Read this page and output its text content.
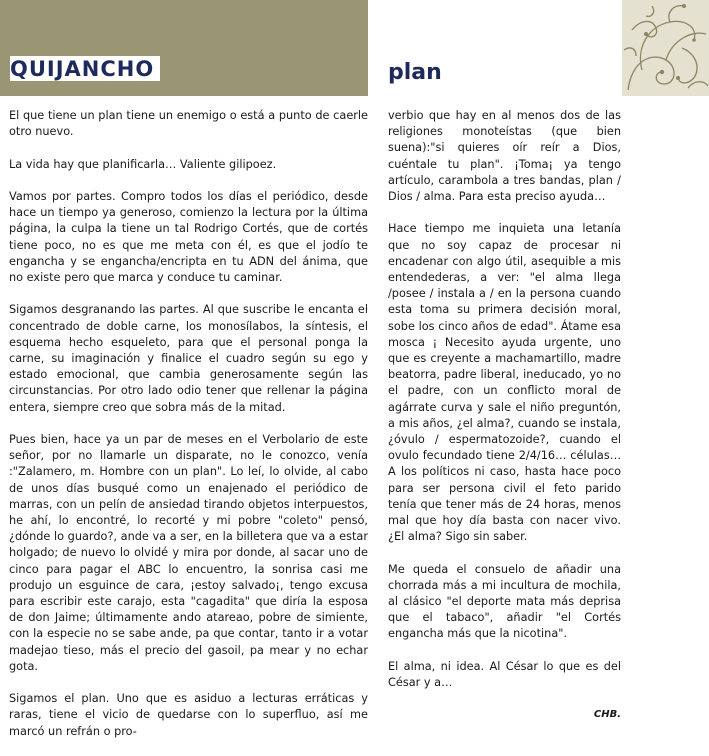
QUIJANCHO	plan

El que tiene un plan tiene un enemigo o está a punto de caerle otro nuevo.

La vida hay que planificarla… Valiente gilipoez.

Vamos por partes. Compro todos los días el periódico, desde hace un tiempo ya generoso, comienzo la lectura por la última página, la culpa la tiene un tal Rodrigo Cortés, que de cortés tiene poco, no es que me meta con él, es que el jodío te engancha y se engancha/encripta en tu ADN del ánima, que no existe pero que marca y conduce tu caminar.

Sigamos desgranando las partes. Al que suscribe le encanta el concentrado de doble carne, los monosílabos, la síntesis, el esquema hecho esqueleto, para que el personal ponga la carne, su imaginación y finalice el cuadro según su ego y estado emocional, que cambia generosamente según las circunstancias. Por otro lado odio tener que rellenar la página entera, siempre creo que sobra más de la mitad.

Pues bien, hace ya un par de meses en el Verbolario de este señor, por no llamarle un disparate, no le conozco, venía :"Zalamero, m. Hombre con un plan". Lo leí, lo olvide, al cabo de unos días busqué como un enajenado el periódico de marras, con un pelín de ansiedad tirando objetos interpuestos, he ahí, lo encontré, lo recorté y mi pobre "coleto" pensó, ¿dónde lo guardo?, ande va a ser, en la billetera que va a estar holgado; de nuevo lo olvidé y mira por donde, al sacar uno de cinco para pagar el ABC lo encuentro, la sonrisa casi me produjo un esguince de cara, ¡estoy salvado¡, tengo excusa para escribir este carajo, esta "cagadita" que diría la esposa de don Jaime; últimamente ando atareao, pobre de simiente, con la especie no se sabe ande, pa que contar, tanto ir a votar madejao tieso, más el precio del gasoil, pa mear y no echar gota.

Sigamos el plan. Uno que es asiduo a lecturas erráticas y raras, tiene el vicio de quedarse con lo superfluo, así me marcó un refrán o pro-

verbio que hay en al menos dos de las religiones monoteístas (que bien suena):"si quieres oír reír a Dios, cuéntale tu plan". ¡Toma¡ ya tengo artículo, carambola a tres bandas, plan / Dios / alma. Para esta preciso ayuda…

Hace tiempo me inquieta una letanía que no soy capaz de procesar ni encadenar con algo útil, asequible a mis entendederas, a ver: "el alma llega /posee / instala a / en la persona cuando esta toma su primera decisión moral, sobe los cinco años de edad". Átame esa mosca ¡ Necesito ayuda urgente, uno que es creyente a machamartillo, madre beatorra, padre liberal, ineducado, yo no el padre, con un conflicto moral de agárrate curva y sale el niño preguntón, a mis años, ¿el alma?, cuando se instala, ¿óvulo / espermatozoide?, cuando el ovulo fecundado tiene 2/4/16… células… A los políticos ni caso, hasta hace poco para ser persona civil el feto parido tenía que tener más de 24 horas, menos mal que hoy día basta con nacer vivo. ¿El alma? Sigo sin saber.

Me queda el consuelo de añadir una chorrada más a mi incultura de mochila, al clásico "el deporte mata más deprisa que el tabaco", añadir "el Cortés engancha más que la nicotina".

El alma, ni idea. Al César lo que es del César y a…

CHB.
